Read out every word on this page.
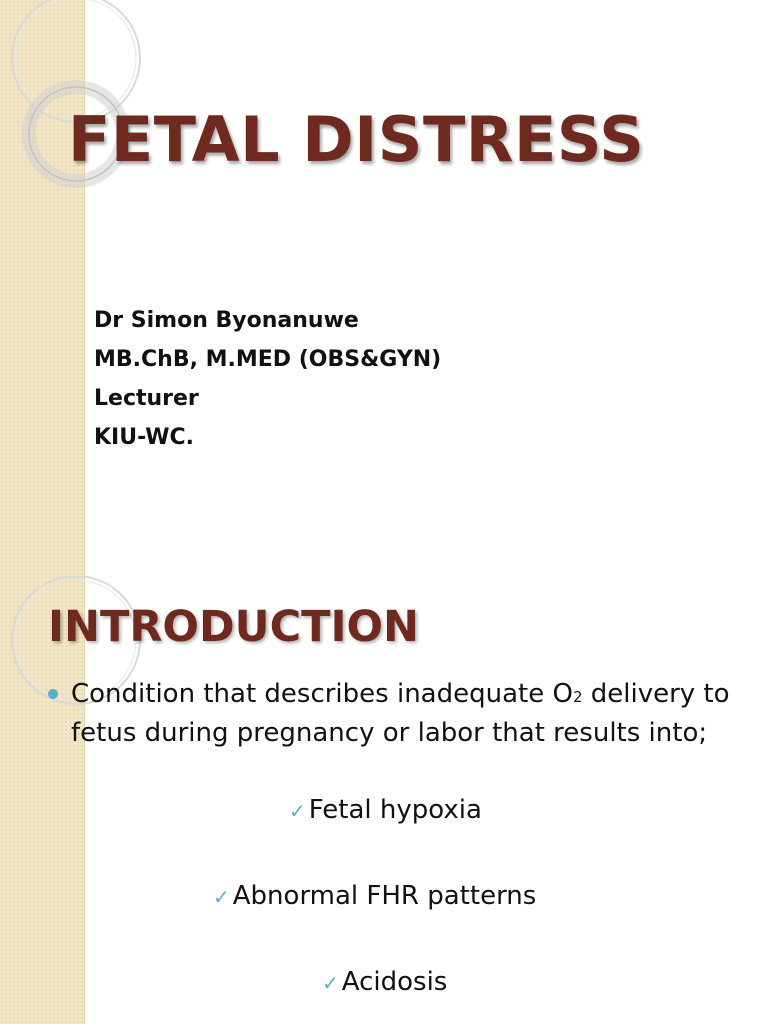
FETAL DISTRESS
Dr Simon Byonanuwe
MB.ChB, M.MED (OBS&GYN)
Lecturer
KIU-WC.
INTRODUCTION
Condition that describes inadequate O2 delivery to fetus during pregnancy or labor that results into;
✓ Fetal hypoxia
✓ Abnormal FHR patterns
✓ Acidosis
